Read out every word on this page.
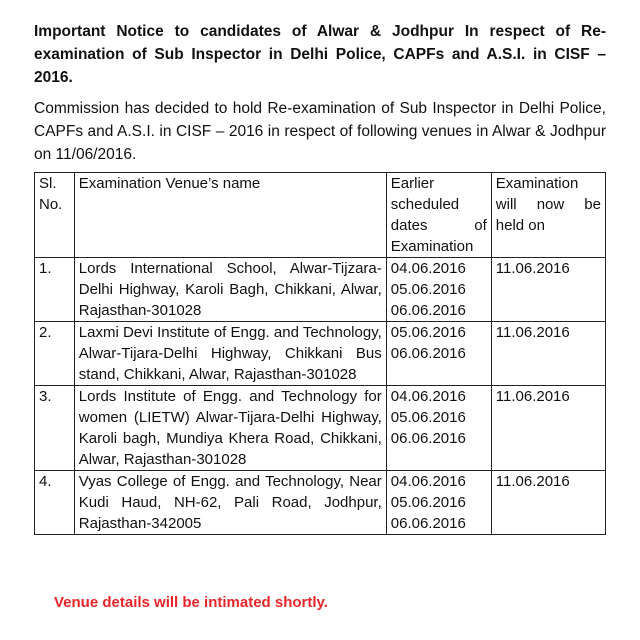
Important Notice to candidates of Alwar & Jodhpur In respect of Re-examination of Sub Inspector in Delhi Police, CAPFs and A.S.I. in CISF – 2016.

Commission has decided to hold Re-examination of Sub Inspector in Delhi Police, CAPFs and A.S.I. in CISF – 2016 in respect of following venues in Alwar & Jodhpur on 11/06/2016.

Sl. No.	Examination Venue’s name	Earlier scheduled dates of Examination	Examination will now be held on
1.	Lords International School, Alwar-Tijzara-Delhi Highway, Karoli Bagh, Chikkani, Alwar, Rajasthan-301028	04.06.2016
05.06.2016
06.06.2016	11.06.2016
2.	Laxmi Devi Institute of Engg. and Technology, Alwar-Tijara-Delhi Highway, Chikkani Bus stand, Chikkani, Alwar, Rajasthan-301028	05.06.2016
06.06.2016	11.06.2016
3.	Lords Institute of Engg. and Technology for women (LIETW) Alwar-Tijara-Delhi Highway, Karoli bagh, Mundiya Khera Road, Chikkani, Alwar, Rajasthan-301028	04.06.2016
05.06.2016
06.06.2016	11.06.2016
4.	Vyas College of Engg. and Technology, Near Kudi Haud, NH-62, Pali Road, Jodhpur, Rajasthan-342005	04.06.2016
05.06.2016
06.06.2016	11.06.2016
Venue details will be intimated shortly.
